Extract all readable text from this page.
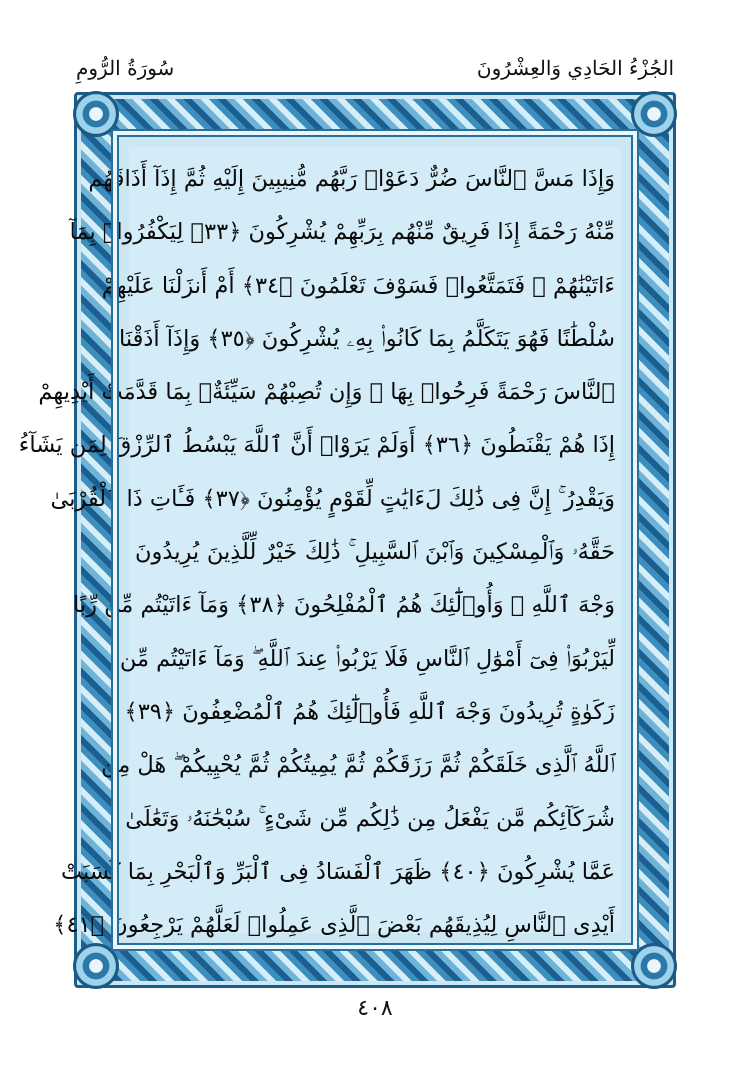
الجُزْءُ الحَادِي وَالعِشْرُونَ
سُورَةُ الرُّومِ
وَإِذَا مَسَّ ٱلنَّاسَ ضُرٌّ دَعَوْا۟ رَبَّهُم مُّنِيبِينَ إِلَيْهِ ثُمَّ إِذَآ أَذَاقَهُم
مِّنْهُ رَحْمَةً إِذَا فَرِيقٌ مِّنْهُم بِرَبِّهِمْ يُشْرِكُونَ ﴿٣٣﴾ لِيَكْفُرُوا۟ بِمَآ
ءَاتَيْنَٰهُمْ ۚ فَتَمَتَّعُوا۟ فَسَوْفَ تَعْلَمُونَ ﴿٣٤﴾ أَمْ أَنزَلْنَا عَلَيْهِمْ
سُلْطَٰنًا فَهُوَ يَتَكَلَّمُ بِمَا كَانُوا۟ بِهِۦ يُشْرِكُونَ ﴿٣٥﴾ وَإِذَآ أَذَقْنَا
ٱلنَّاسَ رَحْمَةً فَرِحُوا۟ بِهَا ۖ وَإِن تُصِبْهُمْ سَيِّئَةٌۢ بِمَا قَدَّمَتْ أَيْدِيهِمْ
إِذَا هُمْ يَقْنَطُونَ ﴿٣٦﴾ أَوَلَمْ يَرَوْا۟ أَنَّ ٱللَّهَ يَبْسُطُ ٱلرِّزْقَ لِمَن يَشَآءُ
وَيَقْدِرُ ۚ إِنَّ فِى ذَٰلِكَ لَءَايَٰتٍ لِّقَوْمٍ يُؤْمِنُونَ ﴿٣٧﴾ فَـَٔاتِ ذَا ٱلْقُرْبَىٰ
حَقَّهُۥ وَٱلْمِسْكِينَ وَٱبْنَ ٱلسَّبِيلِ ۚ ذَٰلِكَ خَيْرٌ لِّلَّذِينَ يُرِيدُونَ
وَجْهَ ٱللَّهِ ۖ وَأُو۟لَٰٓئِكَ هُمُ ٱلْمُفْلِحُونَ ﴿٣٨﴾ وَمَآ ءَاتَيْتُم مِّن رِّبًا
لِّيَرْبُوَا۟ فِىٓ أَمْوَٰلِ ٱلنَّاسِ فَلَا يَرْبُوا۟ عِندَ ٱللَّهِ ۖ وَمَآ ءَاتَيْتُم مِّن
زَكَوٰةٍ تُرِيدُونَ وَجْهَ ٱللَّهِ فَأُو۟لَٰٓئِكَ هُمُ ٱلْمُضْعِفُونَ ﴿٣٩﴾
ٱللَّهُ ٱلَّذِى خَلَقَكُمْ ثُمَّ رَزَقَكُمْ ثُمَّ يُمِيتُكُمْ ثُمَّ يُحْيِيكُمْ ۖ هَلْ مِن
شُرَكَآئِكُم مَّن يَفْعَلُ مِن ذَٰلِكُم مِّن شَىْءٍ ۚ سُبْحَٰنَهُۥ وَتَعَٰلَىٰ
عَمَّا يُشْرِكُونَ ﴿٤٠﴾ ظَهَرَ ٱلْفَسَادُ فِى ٱلْبَرِّ وَٱلْبَحْرِ بِمَا كَسَبَتْ
أَيْدِى ٱلنَّاسِ لِيُذِيقَهُم بَعْضَ ٱلَّذِى عَمِلُوا۟ لَعَلَّهُمْ يَرْجِعُونَ ﴿٤١﴾
٤٠٨
